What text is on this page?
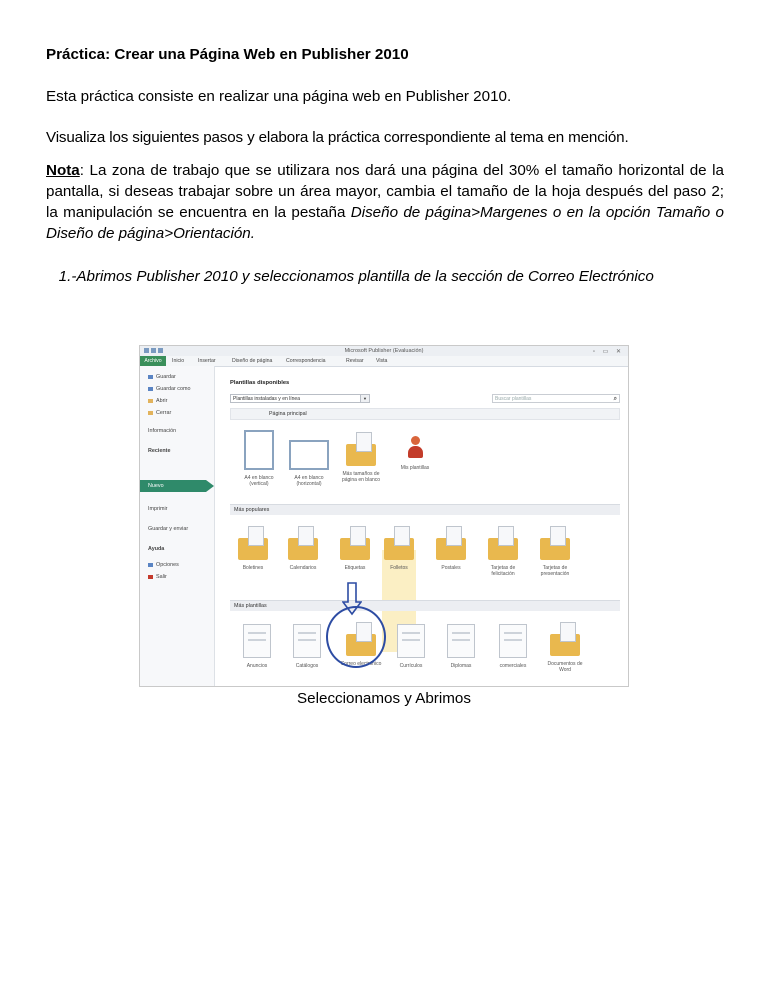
Práctica: Crear una Página Web en Publisher 2010
Esta práctica consiste en realizar una página web en Publisher 2010.
Visualiza los siguientes pasos y elabora la práctica correspondiente al tema en mención.
Nota: La zona de trabajo que se utilizara nos dará una página del 30% el tamaño horizontal de la pantalla, si deseas trabajar sobre un área mayor, cambia el tamaño de la hoja después del paso 2; la manipulación se encuentra en la pestaña Diseño de página>Margenes o en la opción Tamaño o Diseño de página>Orientación.
1.-Abrimos Publisher 2010 y seleccionamos plantilla de la sección de Correo Electrónico
Microsoft Publisher (Evaluación)	▫ ▭ ✕
Archivo	Inicio	Insertar	Diseño de página	Correspondencia	Revisar Vista
Guardar
Guardar como
Abrir
Cerrar
Información
Reciente
Nuevo
Imprimir
Guardar y enviar
Ayuda
Opciones
Salir
Plantillas disponibles
Plantillas instaladas y en línea	▼	Buscar plantillas	⌕
Página principal
A4 en blanco (vertical)
A4 en blanco (horizontal)
Más tamaños de página en blanco
Mis plantillas
Más populares
Boletines	Calendarios	Etiquetas	Folletos	Postales	Tarjetas de felicitación
Tarjetas de presentación
Más plantillas
Anuncios	Catálogos	Correo electrónico	Currículos	Diplomas	comerciales	Documentos de Word
Seleccionamos y Abrimos
